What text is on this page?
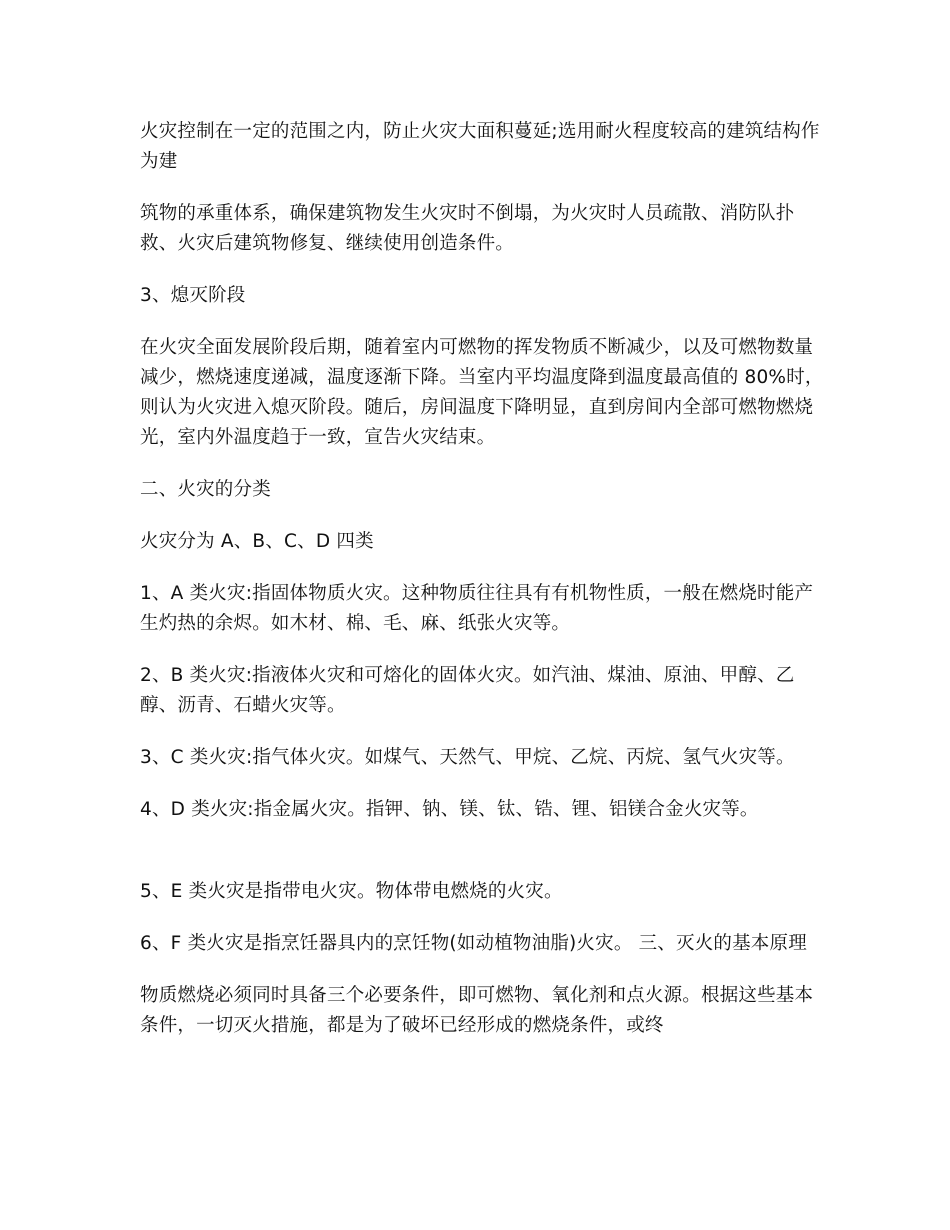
火灾控制在一定的范围之内，防止火灾大面积蔓延;选用耐火程度较高的建筑结构作为建

筑物的承重体系，确保建筑物发生火灾时不倒塌，为火灾时人员疏散、消防队扑救、火灾后建筑物修复、继续使用创造条件。

3、熄灭阶段

在火灾全面发展阶段后期，随着室内可燃物的挥发物质不断减少，以及可燃物数量减少，燃烧速度递减，温度逐渐下降。当室内平均温度降到温度最高值的 80%时，则认为火灾进入熄灭阶段。随后，房间温度下降明显，直到房间内全部可燃物燃烧光，室内外温度趋于一致，宣告火灾结束。

二、火灾的分类

火灾分为 A、B、C、D 四类

1、A 类火灾:指固体物质火灾。这种物质往往具有有机物性质，一般在燃烧时能产生灼热的余烬。如木材、棉、毛、麻、纸张火灾等。

2、B 类火灾:指液体火灾和可熔化的固体火灾。如汽油、煤油、原油、甲醇、乙醇、沥青、石蜡火灾等。

3、C 类火灾:指气体火灾。如煤气、天然气、甲烷、乙烷、丙烷、氢气火灾等。

4、D 类火灾:指金属火灾。指钾、钠、镁、钛、锆、锂、铝镁合金火灾等。

5、E 类火灾是指带电火灾。物体带电燃烧的火灾。

6、F 类火灾是指烹饪器具内的烹饪物(如动植物油脂)火灾。 三、灭火的基本原理

物质燃烧必须同时具备三个必要条件，即可燃物、氧化剂和点火源。根据这些基本条件，一切灭火措施，都是为了破坏已经形成的燃烧条件，或终
